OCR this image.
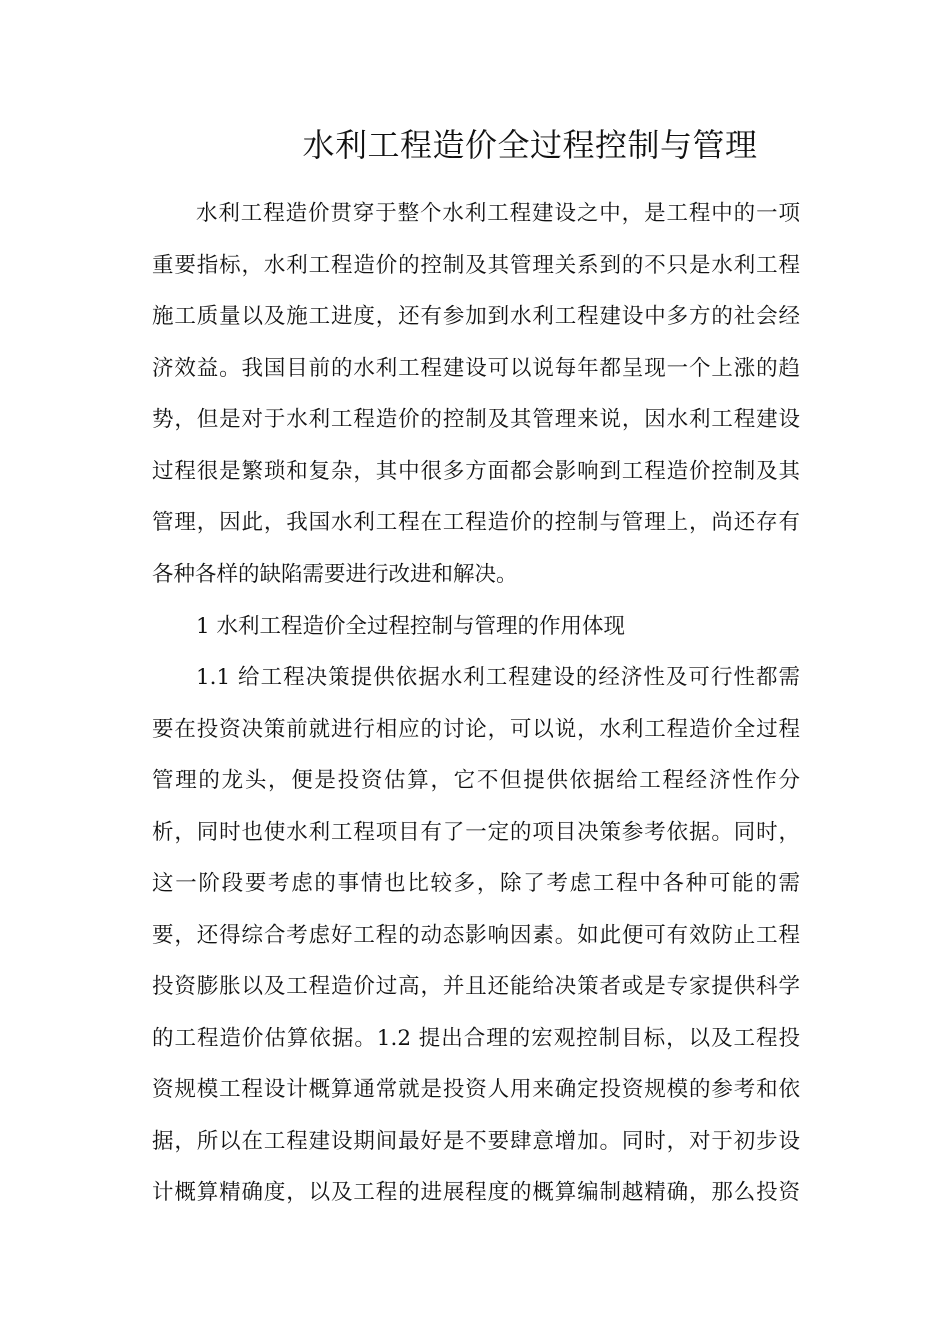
水利工程造价全过程控制与管理

水利工程造价贯穿于整个水利工程建设之中，是工程中的一项

重要指标，水利工程造价的控制及其管理关系到的不只是水利工程

施工质量以及施工进度，还有参加到水利工程建设中多方的社会经

济效益。我国目前的水利工程建设可以说每年都呈现一个上涨的趋

势，但是对于水利工程造价的控制及其管理来说，因水利工程建设

过程很是繁琐和复杂，其中很多方面都会影响到工程造价控制及其

管理，因此，我国水利工程在工程造价的控制与管理上，尚还存有

各种各样的缺陷需要进行改进和解决。

1 水利工程造价全过程控制与管理的作用体现

1.1 给工程决策提供依据水利工程建设的经济性及可行性都需

要在投资决策前就进行相应的讨论，可以说，水利工程造价全过程

管理的龙头，便是投资估算，它不但提供依据给工程经济性作分

析，同时也使水利工程项目有了一定的项目决策参考依据。同时，

这一阶段要考虑的事情也比较多，除了考虑工程中各种可能的需

要，还得综合考虑好工程的动态影响因素。如此便可有效防止工程

投资膨胀以及工程造价过高，并且还能给决策者或是专家提供科学

的工程造价估算依据。1.2 提出合理的宏观控制目标，以及工程投

资规模工程设计概算通常就是投资人用来确定投资规模的参考和依

据，所以在工程建设期间最好是不要肆意增加。同时，对于初步设

计概算精确度，以及工程的进展程度的概算编制越精确，那么投资
